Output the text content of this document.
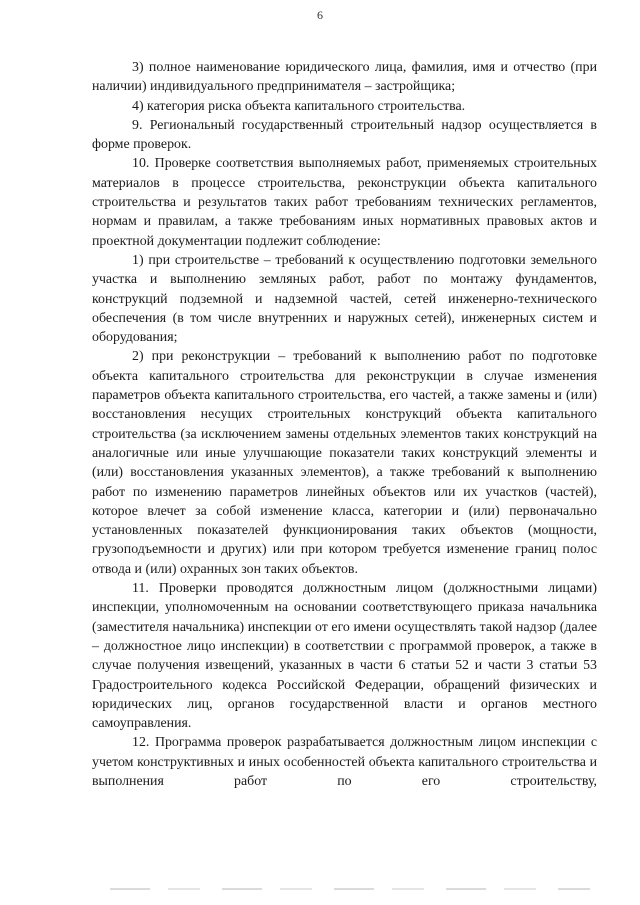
6

3) полное наименование юридического лица, фамилия, имя и отчество (при наличии) индивидуального предпринимателя – застройщика;

4) категория риска объекта капитального строительства.

9. Региональный государственный строительный надзор осуществляется в форме проверок.

10. Проверке соответствия выполняемых работ, применяемых строительных материалов в процессе строительства, реконструкции объекта капитального строительства и результатов таких работ требованиям технических регламентов, нормам и правилам, а также требованиям иных нормативных правовых актов и проектной документации подлежит соблюдение:

1) при строительстве – требований к осуществлению подготовки земельного участка и выполнению земляных работ, работ по монтажу фундаментов, конструкций подземной и надземной частей, сетей инженерно-технического обеспечения (в том числе внутренних и наружных сетей), инженерных систем и оборудования;

2) при реконструкции – требований к выполнению работ по подготовке объекта капитального строительства для реконструкции в случае изменения параметров объекта капитального строительства, его частей, а также замены и (или) восстановления несущих строительных конструкций объекта капитального строительства (за исключением замены отдельных элементов таких конструкций на аналогичные или иные улучшающие показатели таких конструкций элементы и (или) восстановления указанных элементов), а также требований к выполнению работ по изменению параметров линейных объектов или их участков (частей), которое влечет за собой изменение класса, категории и (или) первоначально установленных показателей функционирования таких объектов (мощности, грузоподъемности и других) или при котором требуется изменение границ полос отвода и (или) охранных зон таких объектов.

11. Проверки проводятся должностным лицом (должностными лицами) инспекции, уполномоченным на основании соответствующего приказа начальника (заместителя начальника) инспекции от его имени осуществлять такой надзор (далее – должностное лицо инспекции) в соответствии с программой проверок, а также в случае получения извещений, указанных в части 6 статьи 52 и части 3 статьи 53 Градостроительного кодекса Российской Федерации, обращений физических и юридических лиц, органов государственной власти и органов местного самоуправления.

12. Программа проверок разрабатывается должностным лицом инспекции с учетом конструктивных и иных особенностей объекта капитального строительства и выполнения работ по его строительству,
